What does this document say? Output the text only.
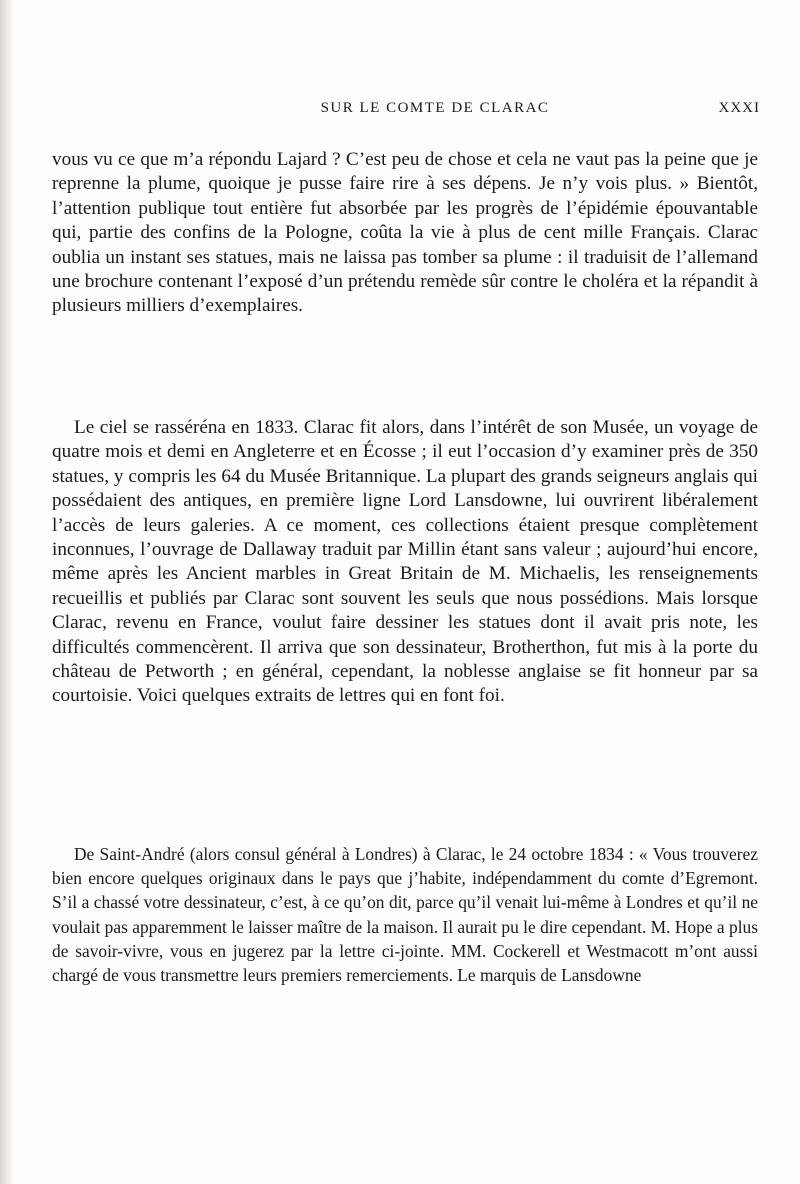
SUR LE COMTE DE CLARAC	XXXI

vous vu ce que m’a répondu Lajard ? C’est peu de chose et cela ne vaut pas la peine que je reprenne la plume, quoique je pusse faire rire à ses dépens. Je n’y vois plus. » Bientôt, l’attention publique tout entière fut absorbée par les progrès de l’épidémie épouvantable qui, partie des confins de la Pologne, coûta la vie à plus de cent mille Français. Clarac oublia un instant ses statues, mais ne laissa pas tomber sa plume : il traduisit de l’allemand une brochure contenant l’exposé d’un prétendu remède sûr contre le choléra et la répandit à plusieurs milliers d’exemplaires.

Le ciel se rasséréna en 1833. Clarac fit alors, dans l’intérêt de son Musée, un voyage de quatre mois et demi en Angleterre et en Écosse ; il eut l’occasion d’y examiner près de 350 statues, y compris les 64 du Musée Britannique. La plupart des grands seigneurs anglais qui possédaient des antiques, en première ligne Lord Lansdowne, lui ouvrirent libéralement l’accès de leurs galeries. A ce moment, ces collections étaient presque complètement inconnues, l’ouvrage de Dallaway traduit par Millin étant sans valeur ; aujourd’hui encore, même après les Ancient marbles in Great Britain de M. Michaelis, les renseignements recueillis et publiés par Clarac sont souvent les seuls que nous possédions. Mais lorsque Clarac, revenu en France, voulut faire dessiner les statues dont il avait pris note, les difficultés commencèrent. Il arriva que son dessinateur, Brotherthon, fut mis à la porte du château de Petworth ; en général, cependant, la noblesse anglaise se fit honneur par sa courtoisie. Voici quelques extraits de lettres qui en font foi.

De Saint-André (alors consul général à Londres) à Clarac, le 24 octobre 1834 : « Vous trouverez bien encore quelques originaux dans le pays que j’habite, indépendamment du comte d’Egremont. S’il a chassé votre dessinateur, c’est, à ce qu’on dit, parce qu’il venait lui-même à Londres et qu’il ne voulait pas apparemment le laisser maître de la maison. Il aurait pu le dire cependant. M. Hope a plus de savoir-vivre, vous en jugerez par la lettre ci-jointe. MM. Cockerell et Westmacott m’ont aussi chargé de vous transmettre leurs premiers remerciements. Le marquis de Lansdowne
